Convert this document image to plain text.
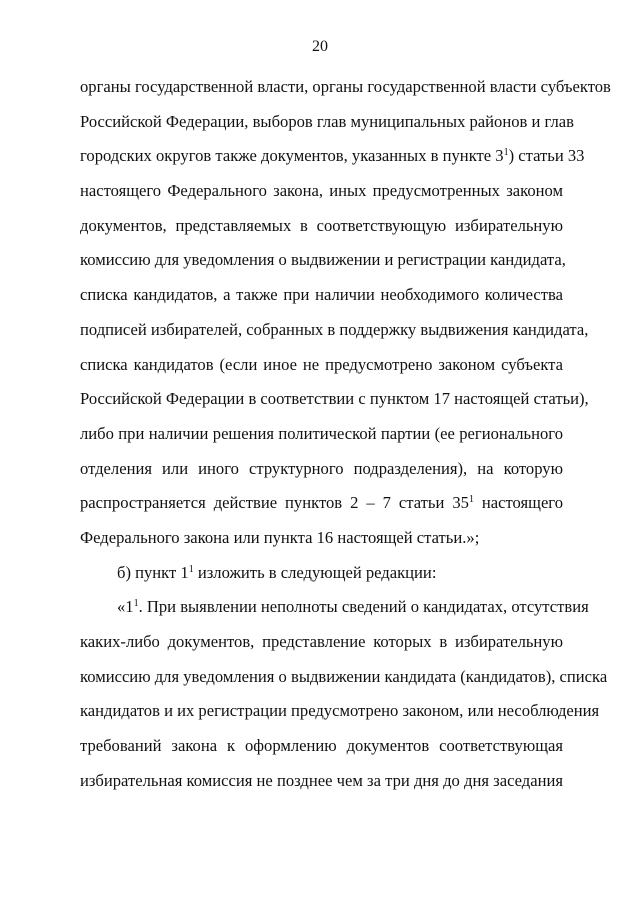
20
органы государственной власти, органы государственной власти субъектов
Российской Федерации, выборов глав муниципальных районов и глав
городских округов также документов, указанных в пункте $3^1$) статьи 33
настоящего Федерального закона, иных предусмотренных законом
документов, представляемых в соответствующую избирательную
комиссию для уведомления о выдвижении и регистрации кандидата,
списка кандидатов, а также при наличии необходимого количества
подписей избирателей, собранных в поддержку выдвижения кандидата,
списка кандидатов (если иное не предусмотрено законом субъекта
Российской Федерации в соответствии с пунктом 17 настоящей статьи),
либо при наличии решения политической партии (ее регионального
отделения или иного структурного подразделения), на которую
распространяется действие пунктов 2 – 7 статьи $35^1$ настоящего
Федерального закона или пункта 16 настоящей статьи.»;
б) пункт $1^1$ изложить в следующей редакции:
«$1^1$. При выявлении неполноты сведений о кандидатах, отсутствия
каких-либо документов, представление которых в избирательную
комиссию для уведомления о выдвижении кандидата (кандидатов), списка
кандидатов и их регистрации предусмотрено законом, или несоблюдения
требований закона к оформлению документов соответствующая
избирательная комиссия не позднее чем за три дня до дня заседания
